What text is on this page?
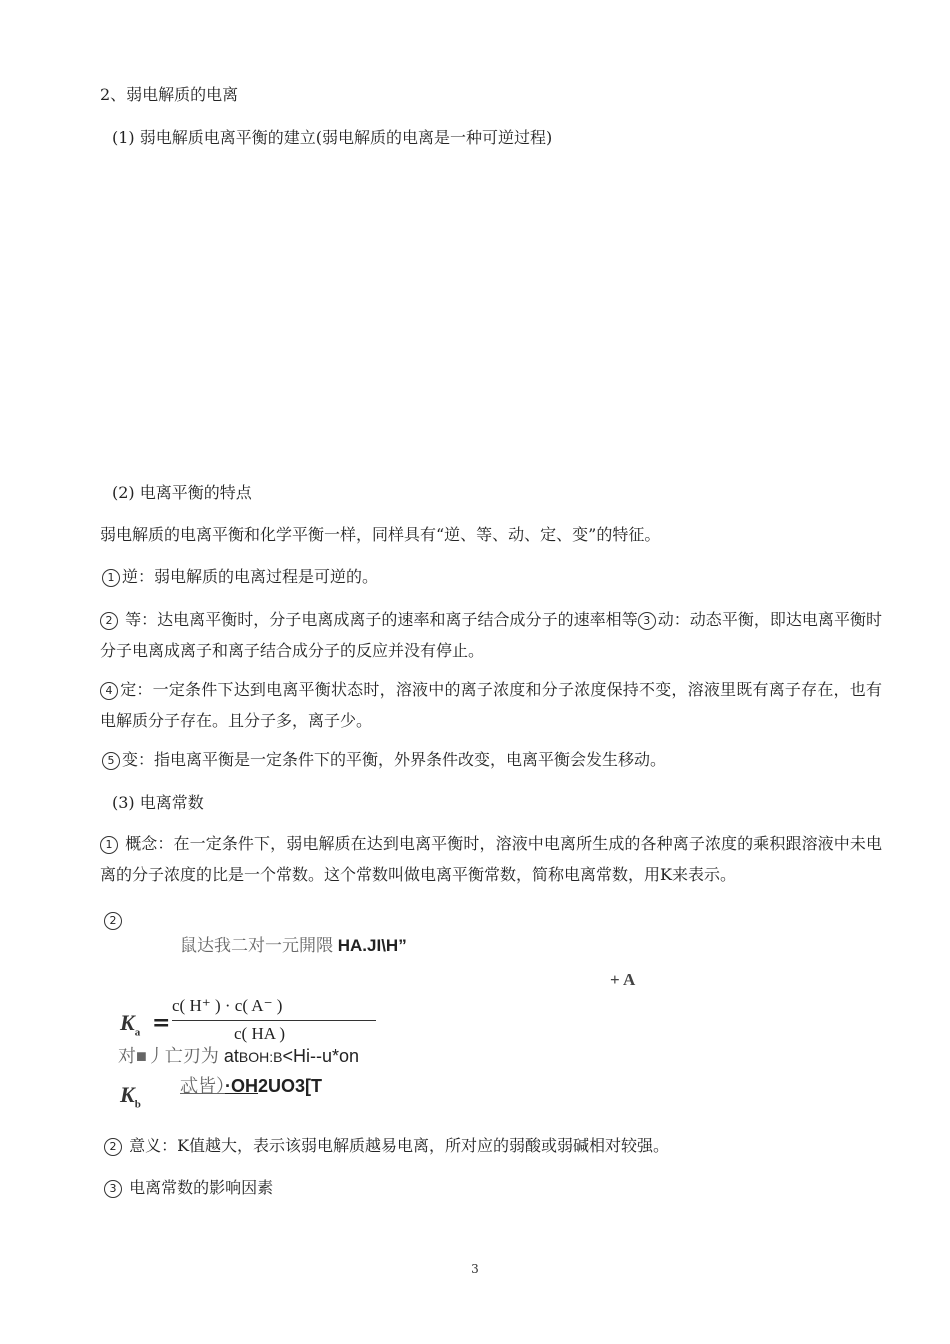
2、弱电解质的电离
(1) 弱电解质电离平衡的建立(弱电解质的电离是一种可逆过程)
(2) 电离平衡的特点
弱电解质的电离平衡和化学平衡一样，同样具有“逆、等、动、定、变”的特征。
1 逆：弱电解质的电离过程是可逆的。
2 等：达电离平衡时，分子电离成离子的速率和离子结合成分子的速率相等 3 动：动态平衡，即达电离平衡时分子电离成离子和离子结合成分子的反应并没有停止。
4 定：一定条件下达到电离平衡状态时，溶液中的离子浓度和分子浓度保持不变，溶液里既有离子存在，也有电解质分子存在。且分子多，离子少。
5 变：指电离平衡是一定条件下的平衡，外界条件改变，电离平衡会发生移动。
(3) 电离常数
1 概念：在一定条件下，弱电解质在达到电离平衡时，溶液中电离所生成的各种离子浓度的乘积跟溶液中未电离的分子浓度的比是一个常数。这个常数叫做电离平衡常数，简称电离常数，用K来表示。
2
鼠达我二对一元開隈 HA.JI\H”
+ A
$K_a$ =
c( H⁺ ) · c( A⁻ )
c( HA )
对■丿亡刃为 atBOH:B<Hi--u*on
$K_b$
忒皆）·OH2UO3[T
2 意义：K值越大，表示该弱电解质越易电离，所对应的弱酸或弱碱相对较强。
3 电离常数的影响因素
3
